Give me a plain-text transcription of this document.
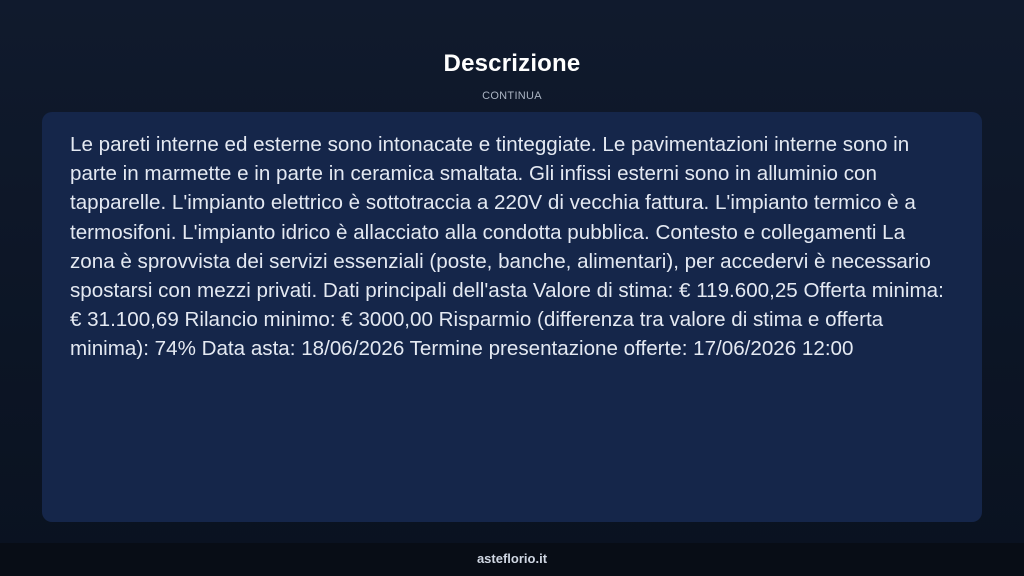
Descrizione
CONTINUA

Le pareti interne ed esterne sono intonacate e tinteggiate. Le pavimentazioni interne sono in parte in marmette e in parte in ceramica smaltata. Gli infissi esterni sono in alluminio con tapparelle. L'impianto elettrico è sottotraccia a 220V di vecchia fattura. L'impianto termico è a termosifoni. L'impianto idrico è allacciato alla condotta pubblica. Contesto e collegamenti La zona è sprovvista dei servizi essenziali (poste, banche, alimentari), per accedervi è necessario spostarsi con mezzi privati. Dati principali dell'asta Valore di stima: € 119.600,25 Offerta minima: € 31.100,69 Rilancio minimo: € 3000,00 Risparmio (differenza tra valore di stima e offerta minima): 74% Data asta: 18/06/2026 Termine presentazione offerte: 17/06/2026 12:00

asteflorio.it
